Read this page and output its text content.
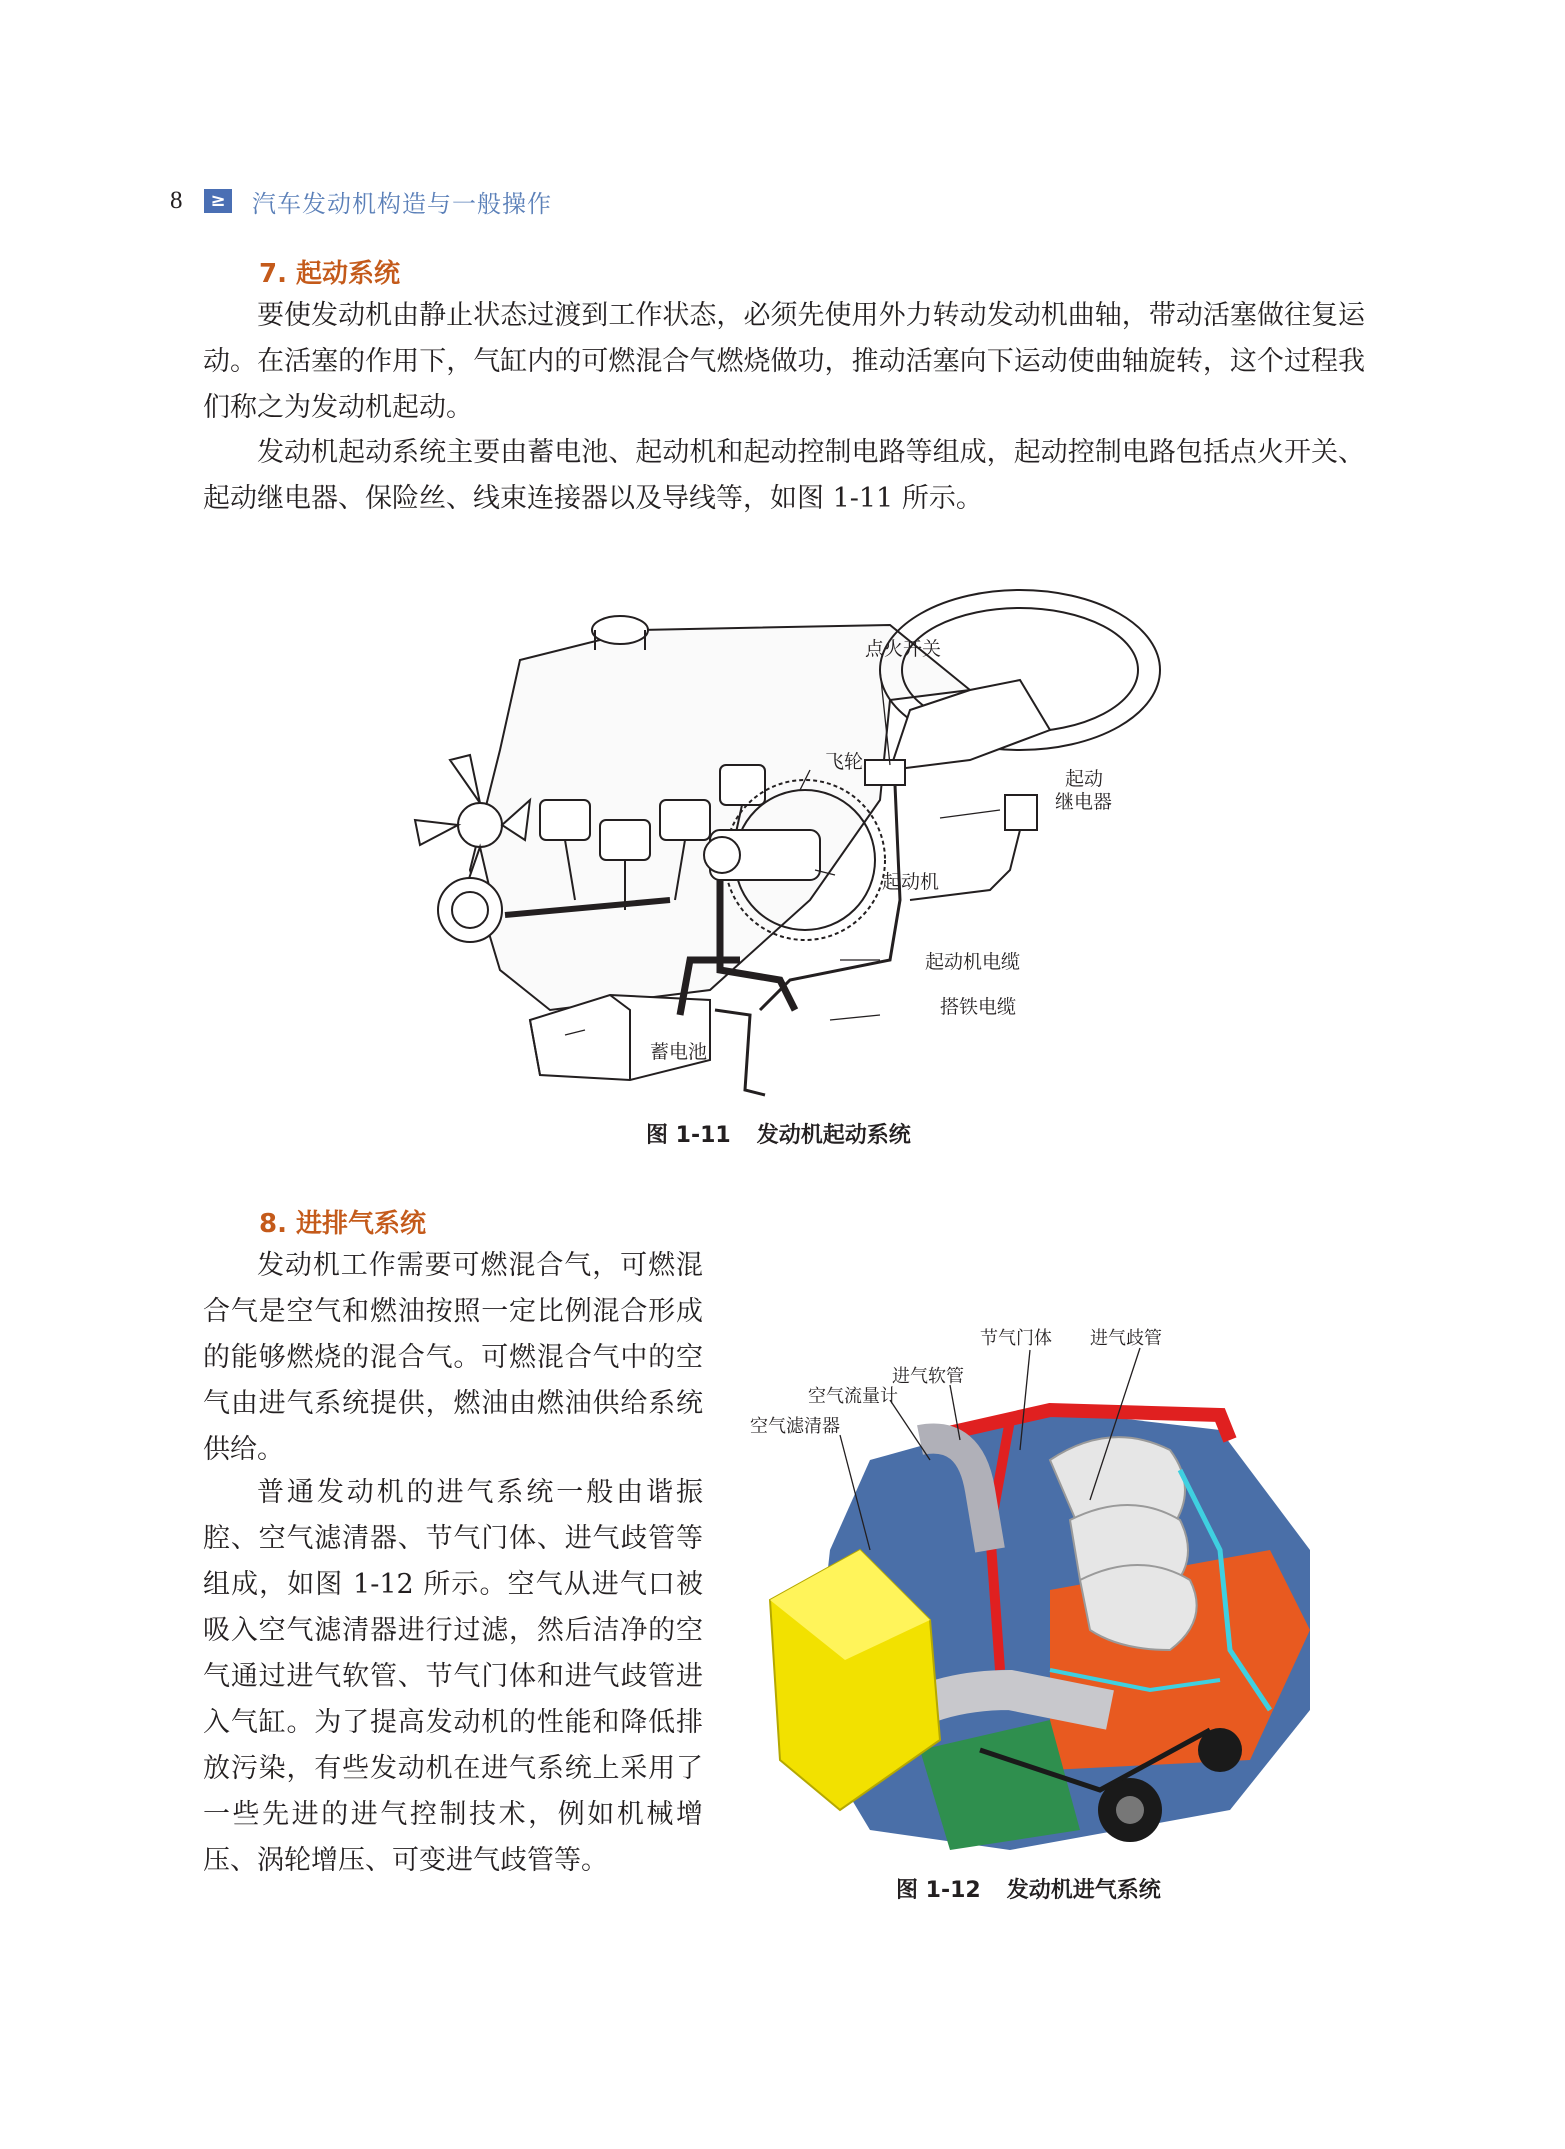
8	≥ 汽车发动机构造与一般操作
7. 起动系统
要使发动机由静止状态过渡到工作状态，必须先使用外力转动发动机曲轴，带动活塞做往复运动。在活塞的作用下，气缸内的可燃混合气燃烧做功，推动活塞向下运动使曲轴旋转，这个过程我们称之为发动机起动。
发动机起动系统主要由蓄电池、起动机和起动控制电路等组成，起动控制电路包括点火开关、起动继电器、保险丝、线束连接器以及导线等，如图 1-11 所示。
点火开关
飞轮
起动
继电器
起动机
起动机电缆
搭铁电缆
蓄电池
图 1-11 发动机起动系统
8. 进排气系统
发动机工作需要可燃混合气，可燃混合气是空气和燃油按照一定比例混合形成的能够燃烧的混合气。可燃混合气中的空气由进气系统提供，燃油由燃油供给系统供给。
普通发动机的进气系统一般由谐振腔、空气滤清器、节气门体、进气歧管等组成，如图 1-12 所示。空气从进气口被吸入空气滤清器进行过滤，然后洁净的空气通过进气软管、节气门体和进气歧管进入气缸。为了提高发动机的性能和降低排放污染，有些发动机在进气系统上采用了一些先进的进气控制技术，例如机械增压、涡轮增压、可变进气歧管等。
节气门体 进气歧管
进气软管
空气流量计
空气滤清器
图 1-12 发动机进气系统
